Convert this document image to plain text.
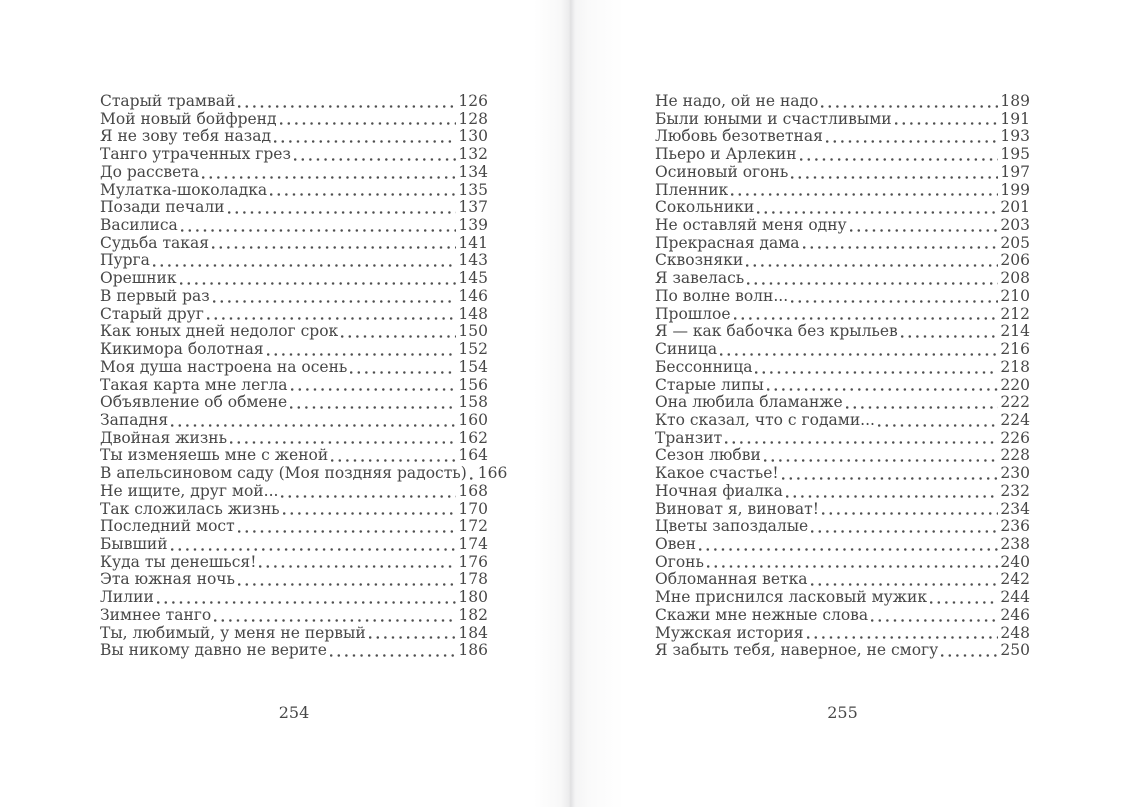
Старый трамвай	126
Мой новый бойфренд	128
Я не зову тебя назад	130
Танго утраченных грез	132
До рассвета	134
Мулатка-шоколадка	135
Позади печали	137
Василиса	139
Судьба такая	141
Пурга	143
Орешник	145
В первый раз	146
Старый друг	148
Как юных дней недолог срок	150
Кикимора болотная	152
Моя душа настроена на осень	154
Такая карта мне легла	156
Объявление об обмене	158
Западня	160
Двойная жизнь	162
Ты изменяешь мне с женой	164
В апельсиновом саду (Моя поздняя радость) 166
Не ищите, друг мой...	168
Так сложилась жизнь	170
Последний мост	172
Бывший	174
Куда ты денешься!	176
Эта южная ночь	178
Лилии	180
Зимнее танго	182
Ты, любимый, у меня не первый	184
Вы никому давно не верите	186
Не надо, ой не надо	189
Были юными и счастливыми	191
Любовь безответная	193
Пьеро и Арлекин	195
Осиновый огонь	197
Пленник	199
Сокольники	201
Не оставляй меня одну	203
Прекрасная дама	205
Сквозняки	206
Я завелась	208
По волне волн...	210
Прошлое	212
Я — как бабочка без крыльев	214
Синица	216
Бессонница	218
Старые липы	220
Она любила бламанже	222
Кто сказал, что с годами...	224
Транзит	226
Сезон любви	228
Какое счастье!	230
Ночная фиалка	232
Виноват я, виноват!	234
Цветы запоздалые	236
Овен	238
Огонь	240
Обломанная ветка	242
Мне приснился ласковый мужик	244
Скажи мне нежные слова	246
Мужская история	248
Я забыть тебя, наверное, не смогу	250
254	255
